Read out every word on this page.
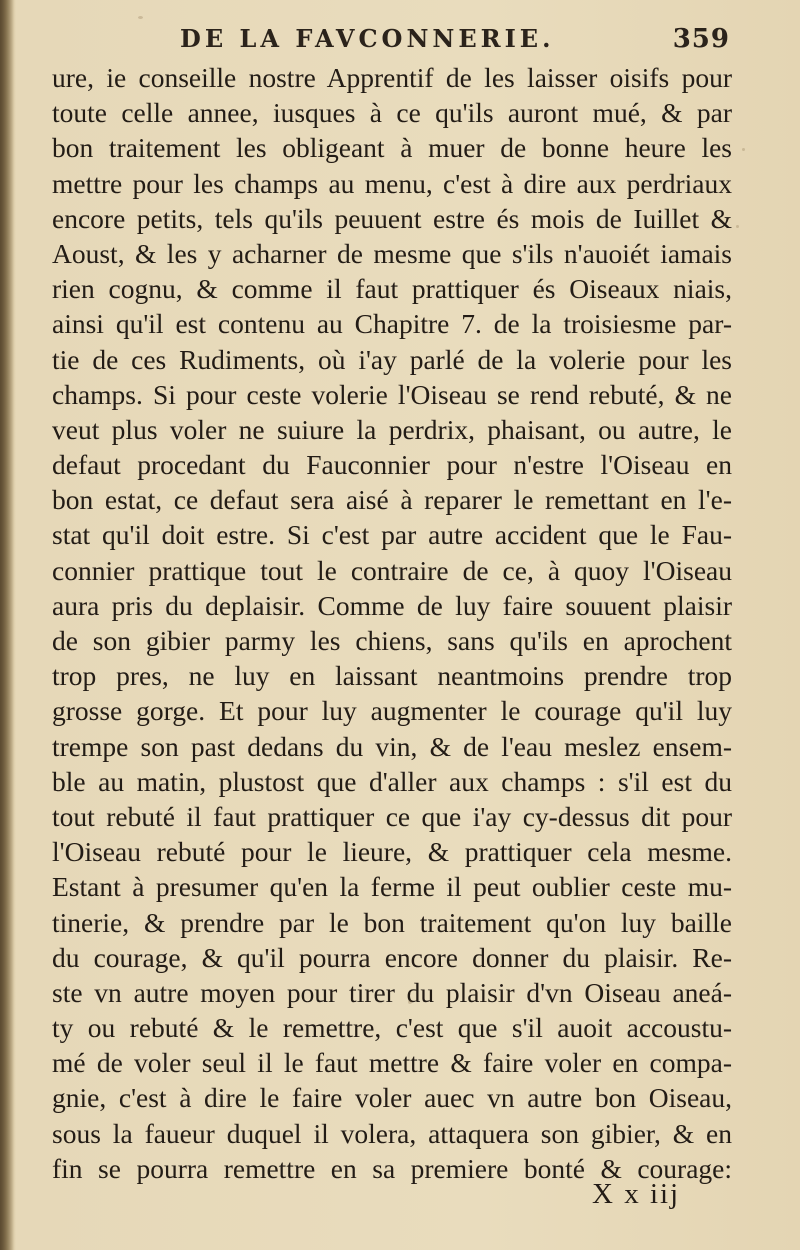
DE LA FAVCONNERIE.	359
ure, ie conseille nostre Apprentif de les laisser oisifs pour
toute celle annee, iusques à ce qu'ils auront mué, & par
bon traitement les obligeant à muer de bonne heure les
mettre pour les champs au menu, c'est à dire aux perdriaux
encore petits, tels qu'ils peuuent estre és mois de Iuillet &
Aoust, & les y acharner de mesme que s'ils n'auoiét iamais
rien cognu, & comme il faut prattiquer és Oiseaux niais,
ainsi qu'il est contenu au Chapitre 7. de la troisiesme par-
tie de ces Rudiments, où i'ay parlé de la volerie pour les
champs. Si pour ceste volerie l'Oiseau se rend rebuté, & ne
veut plus voler ne suiure la perdrix, phaisant, ou autre, le
defaut procedant du Fauconnier pour n'estre l'Oiseau en
bon estat, ce defaut sera aisé à reparer le remettant en l'e-
stat qu'il doit estre. Si c'est par autre accident que le Fau-
connier prattique tout le contraire de ce, à quoy l'Oiseau
aura pris du deplaisir. Comme de luy faire souuent plaisir
de son gibier parmy les chiens, sans qu'ils en aprochent
trop pres, ne luy en laissant neantmoins prendre trop
grosse gorge. Et pour luy augmenter le courage qu'il luy
trempe son past dedans du vin, & de l'eau meslez ensem-
ble au matin, plustost que d'aller aux champs : s'il est du
tout rebuté il faut prattiquer ce que i'ay cy-dessus dit pour
l'Oiseau rebuté pour le lieure, & prattiquer cela mesme.
Estant à presumer qu'en la ferme il peut oublier ceste mu-
tinerie, & prendre par le bon traitement qu'on luy baille
du courage, & qu'il pourra encore donner du plaisir. Re-
ste vn autre moyen pour tirer du plaisir d'vn Oiseau aneá-
ty ou rebuté & le remettre, c'est que s'il auoit accoustu-
mé de voler seul il le faut mettre & faire voler en compa-
gnie, c'est à dire le faire voler auec vn autre bon Oiseau,
sous la faueur duquel il volera, attaquera son gibier, & en
fin se pourra remettre en sa premiere bonté & courage:
X x iij
